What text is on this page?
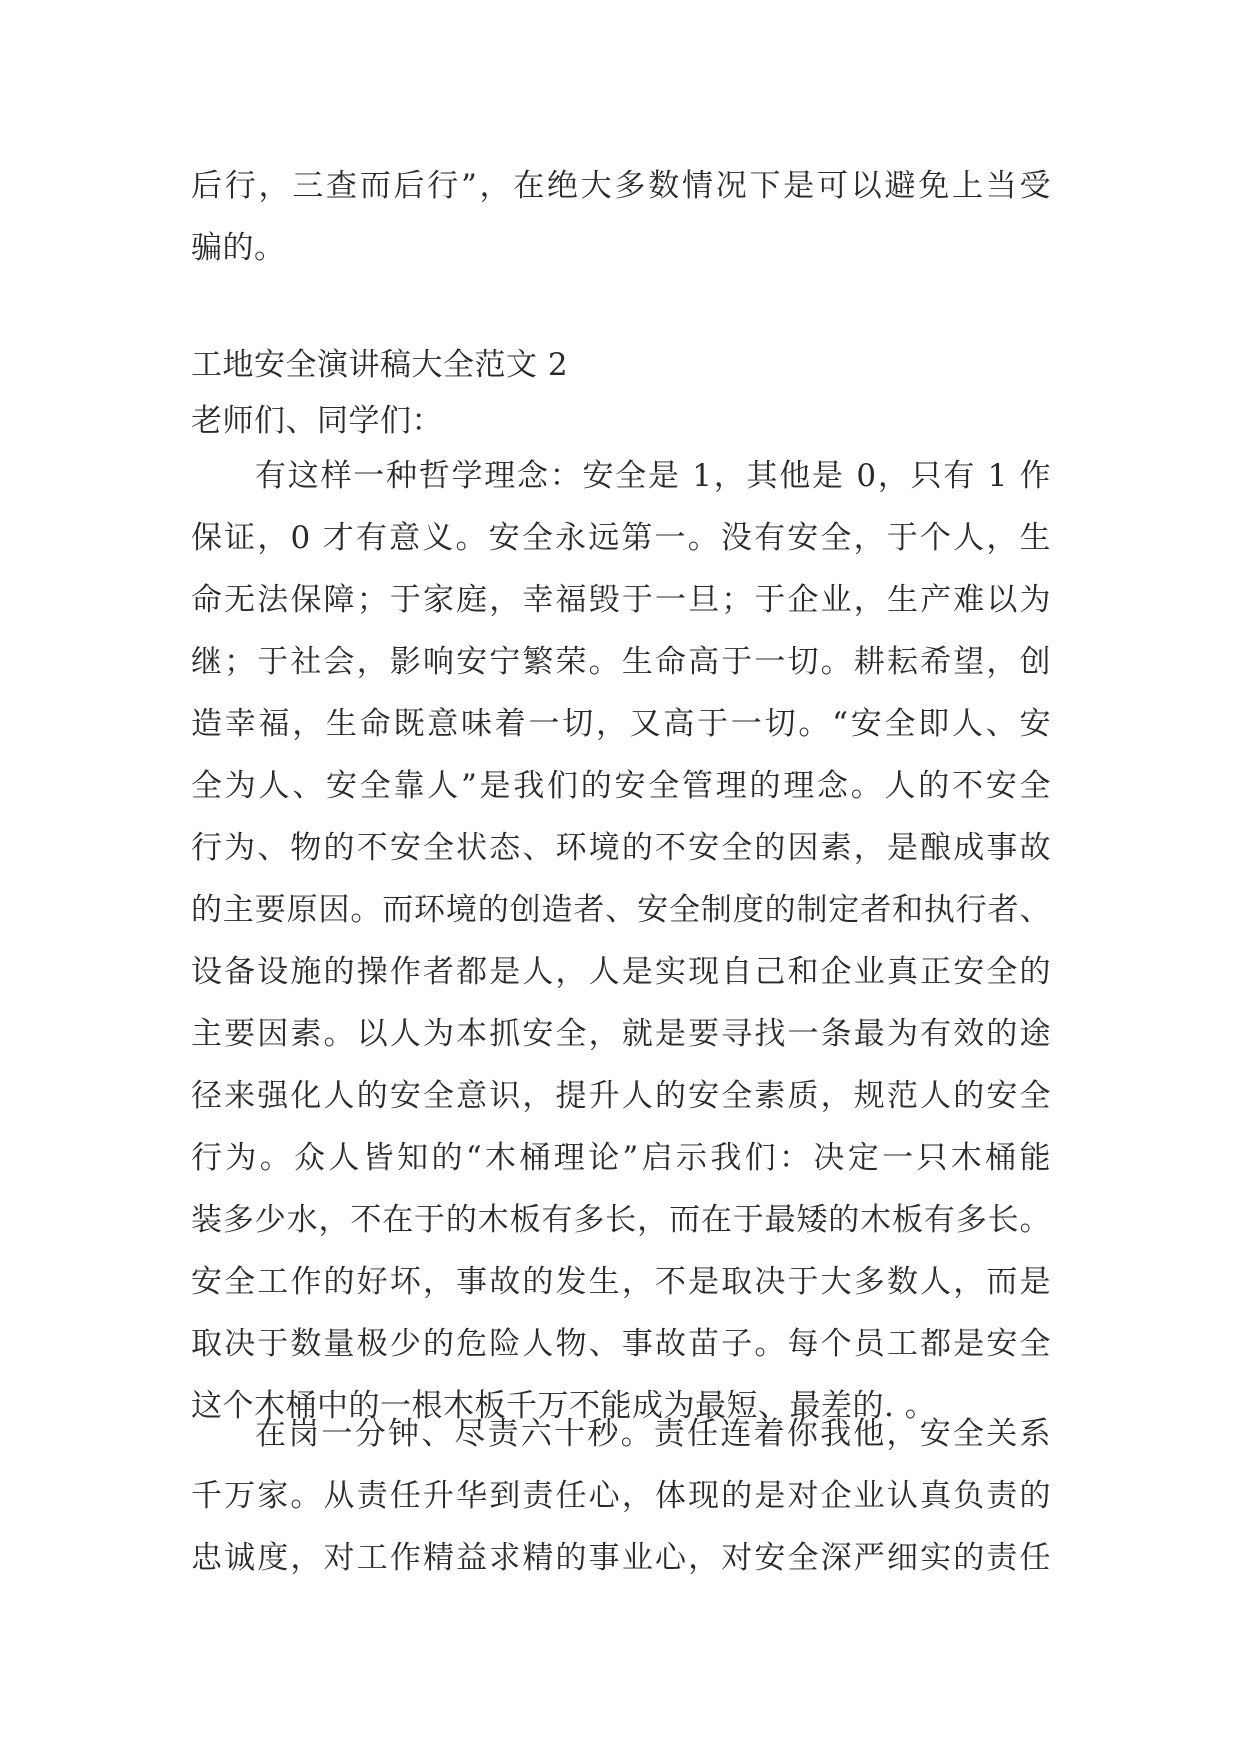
后行，三查而后行”，在绝大多数情况下是可以避免上当受
骗的。
工地安全演讲稿大全范文 2
老师们、同学们：
有这样一种哲学理念：安全是 1，其他是 0，只有 1 作
保证，0 才有意义。安全永远第一。没有安全，于个人，生
命无法保障；于家庭，幸福毁于一旦；于企业，生产难以为
继；于社会，影响安宁繁荣。生命高于一切。耕耘希望，创
造幸福，生命既意味着一切，又高于一切。“安全即人、安
全为人、安全靠人”是我们的安全管理的理念。人的不安全
行为、物的不安全状态、环境的不安全的因素，是酿成事故
的主要原因。而环境的创造者、安全制度的制定者和执行者、
设备设施的操作者都是人，人是实现自己和企业真正安全的
主要因素。以人为本抓安全，就是要寻找一条最为有效的途
径来强化人的安全意识，提升人的安全素质，规范人的安全
行为。众人皆知的“木桶理论”启示我们：决定一只木桶能
装多少水，不在于的木板有多长，而在于最矮的木板有多长。
安全工作的好坏，事故的发生，不是取决于大多数人，而是
取决于数量极少的危险人物、事故苗子。每个员工都是安全
这个木桶中的一根木板千万不能成为最短、最差的. 。
在岗一分钟、尽责六十秒。责任连着你我他，安全关系
千万家。从责任升华到责任心，体现的是对企业认真负责的
忠诚度，对工作精益求精的事业心，对安全深严细实的责任
